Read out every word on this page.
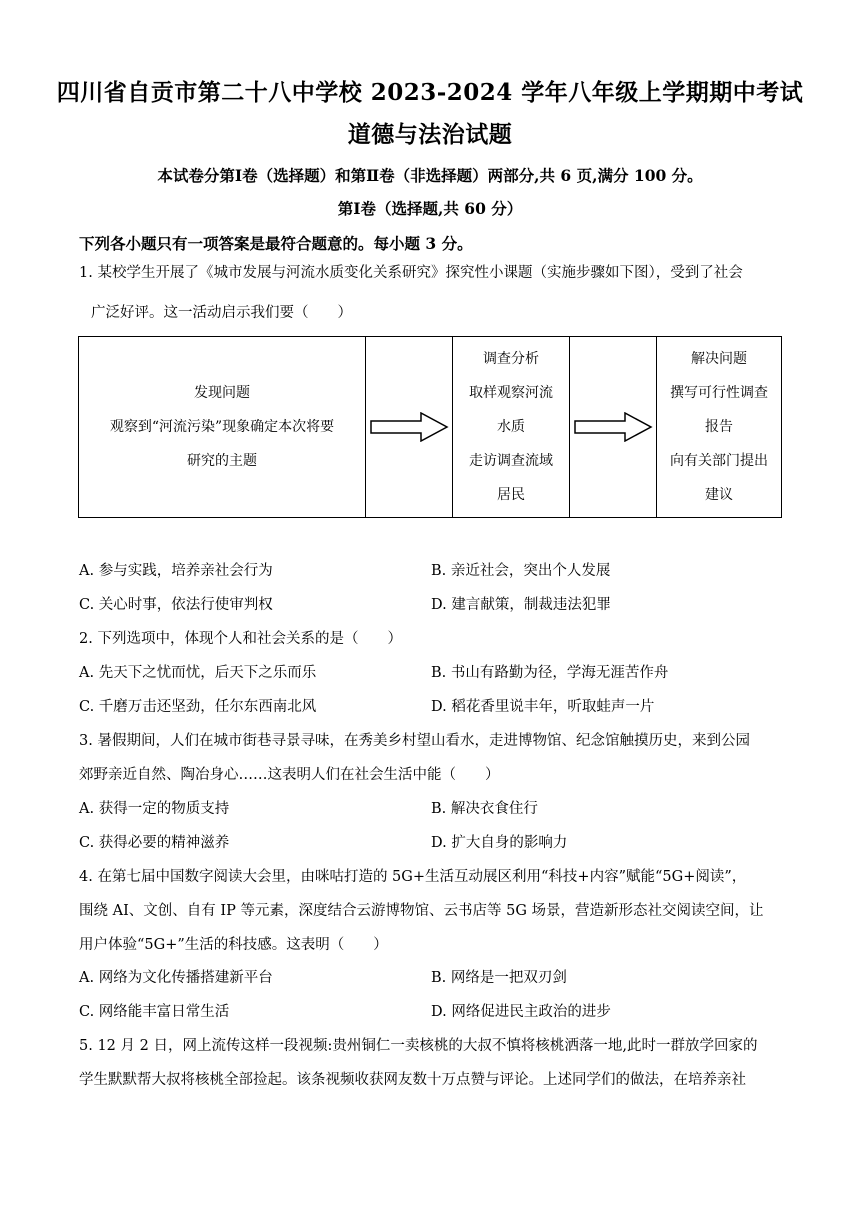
四川省自贡市第二十八中学校 2023-2024 学年八年级上学期期中考试
道德与法治试题
本试卷分第Ⅰ卷（选择题）和第Ⅱ卷（非选择题）两部分,共 6 页,满分 100 分。
第Ⅰ卷（选择题,共 60 分）
下列各小题只有一项答案是最符合题意的。每小题 3 分。

1. 某校学生开展了《城市发展与河流水质变化关系研究》探究性小课题（实施步骤如下图），受到了社会

广泛好评。这一活动启示我们要（　　）

发现问题
观察到“河流污染”现象确定本次将要
研究的主题

调查分析
取样观察河流
水质
走访调查流域
居民

解决问题
撰写可行性调查
报告
向有关部门提出
建议
A. 参与实践，培养亲社会行为	B. 亲近社会，突出个人发展
C. 关心时事，依法行使审判权	D. 建言献策，制裁违法犯罪
2. 下列选项中，体现个人和社会关系的是（　　）
A. 先天下之忧而忧，后天下之乐而乐	B. 书山有路勤为径，学海无涯苦作舟
C. 千磨万击还坚劲，任尔东西南北风	D. 稻花香里说丰年，听取蛙声一片
3. 暑假期间，人们在城市街巷寻景寻味，在秀美乡村望山看水，走进博物馆、纪念馆触摸历史，来到公园
郊野亲近自然、陶冶身心……这表明人们在社会生活中能（　　）
A. 获得一定的物质支持	B. 解决衣食住行
C. 获得必要的精神滋养	D. 扩大自身的影响力
4. 在第七届中国数字阅读大会里，由咪咕打造的 5G+生活互动展区利用“科技+内容”赋能“5G+阅读”，
围绕 AI、文创、自有 IP 等元素，深度结合云游博物馆、云书店等 5G 场景，营造新形态社交阅读空间，让
用户体验“5G+”生活的科技感。这表明（　　）
A. 网络为文化传播搭建新平台	B. 网络是一把双刃剑
C. 网络能丰富日常生活	D. 网络促进民主政治的进步
5. 12 月 2 日，网上流传这样一段视频:贵州铜仁一卖核桃的大叔不慎将核桃洒落一地,此时一群放学回家的
学生默默帮大叔将核桃全部捡起。该条视频收获网友数十万点赞与评论。上述同学们的做法，在培养亲社
